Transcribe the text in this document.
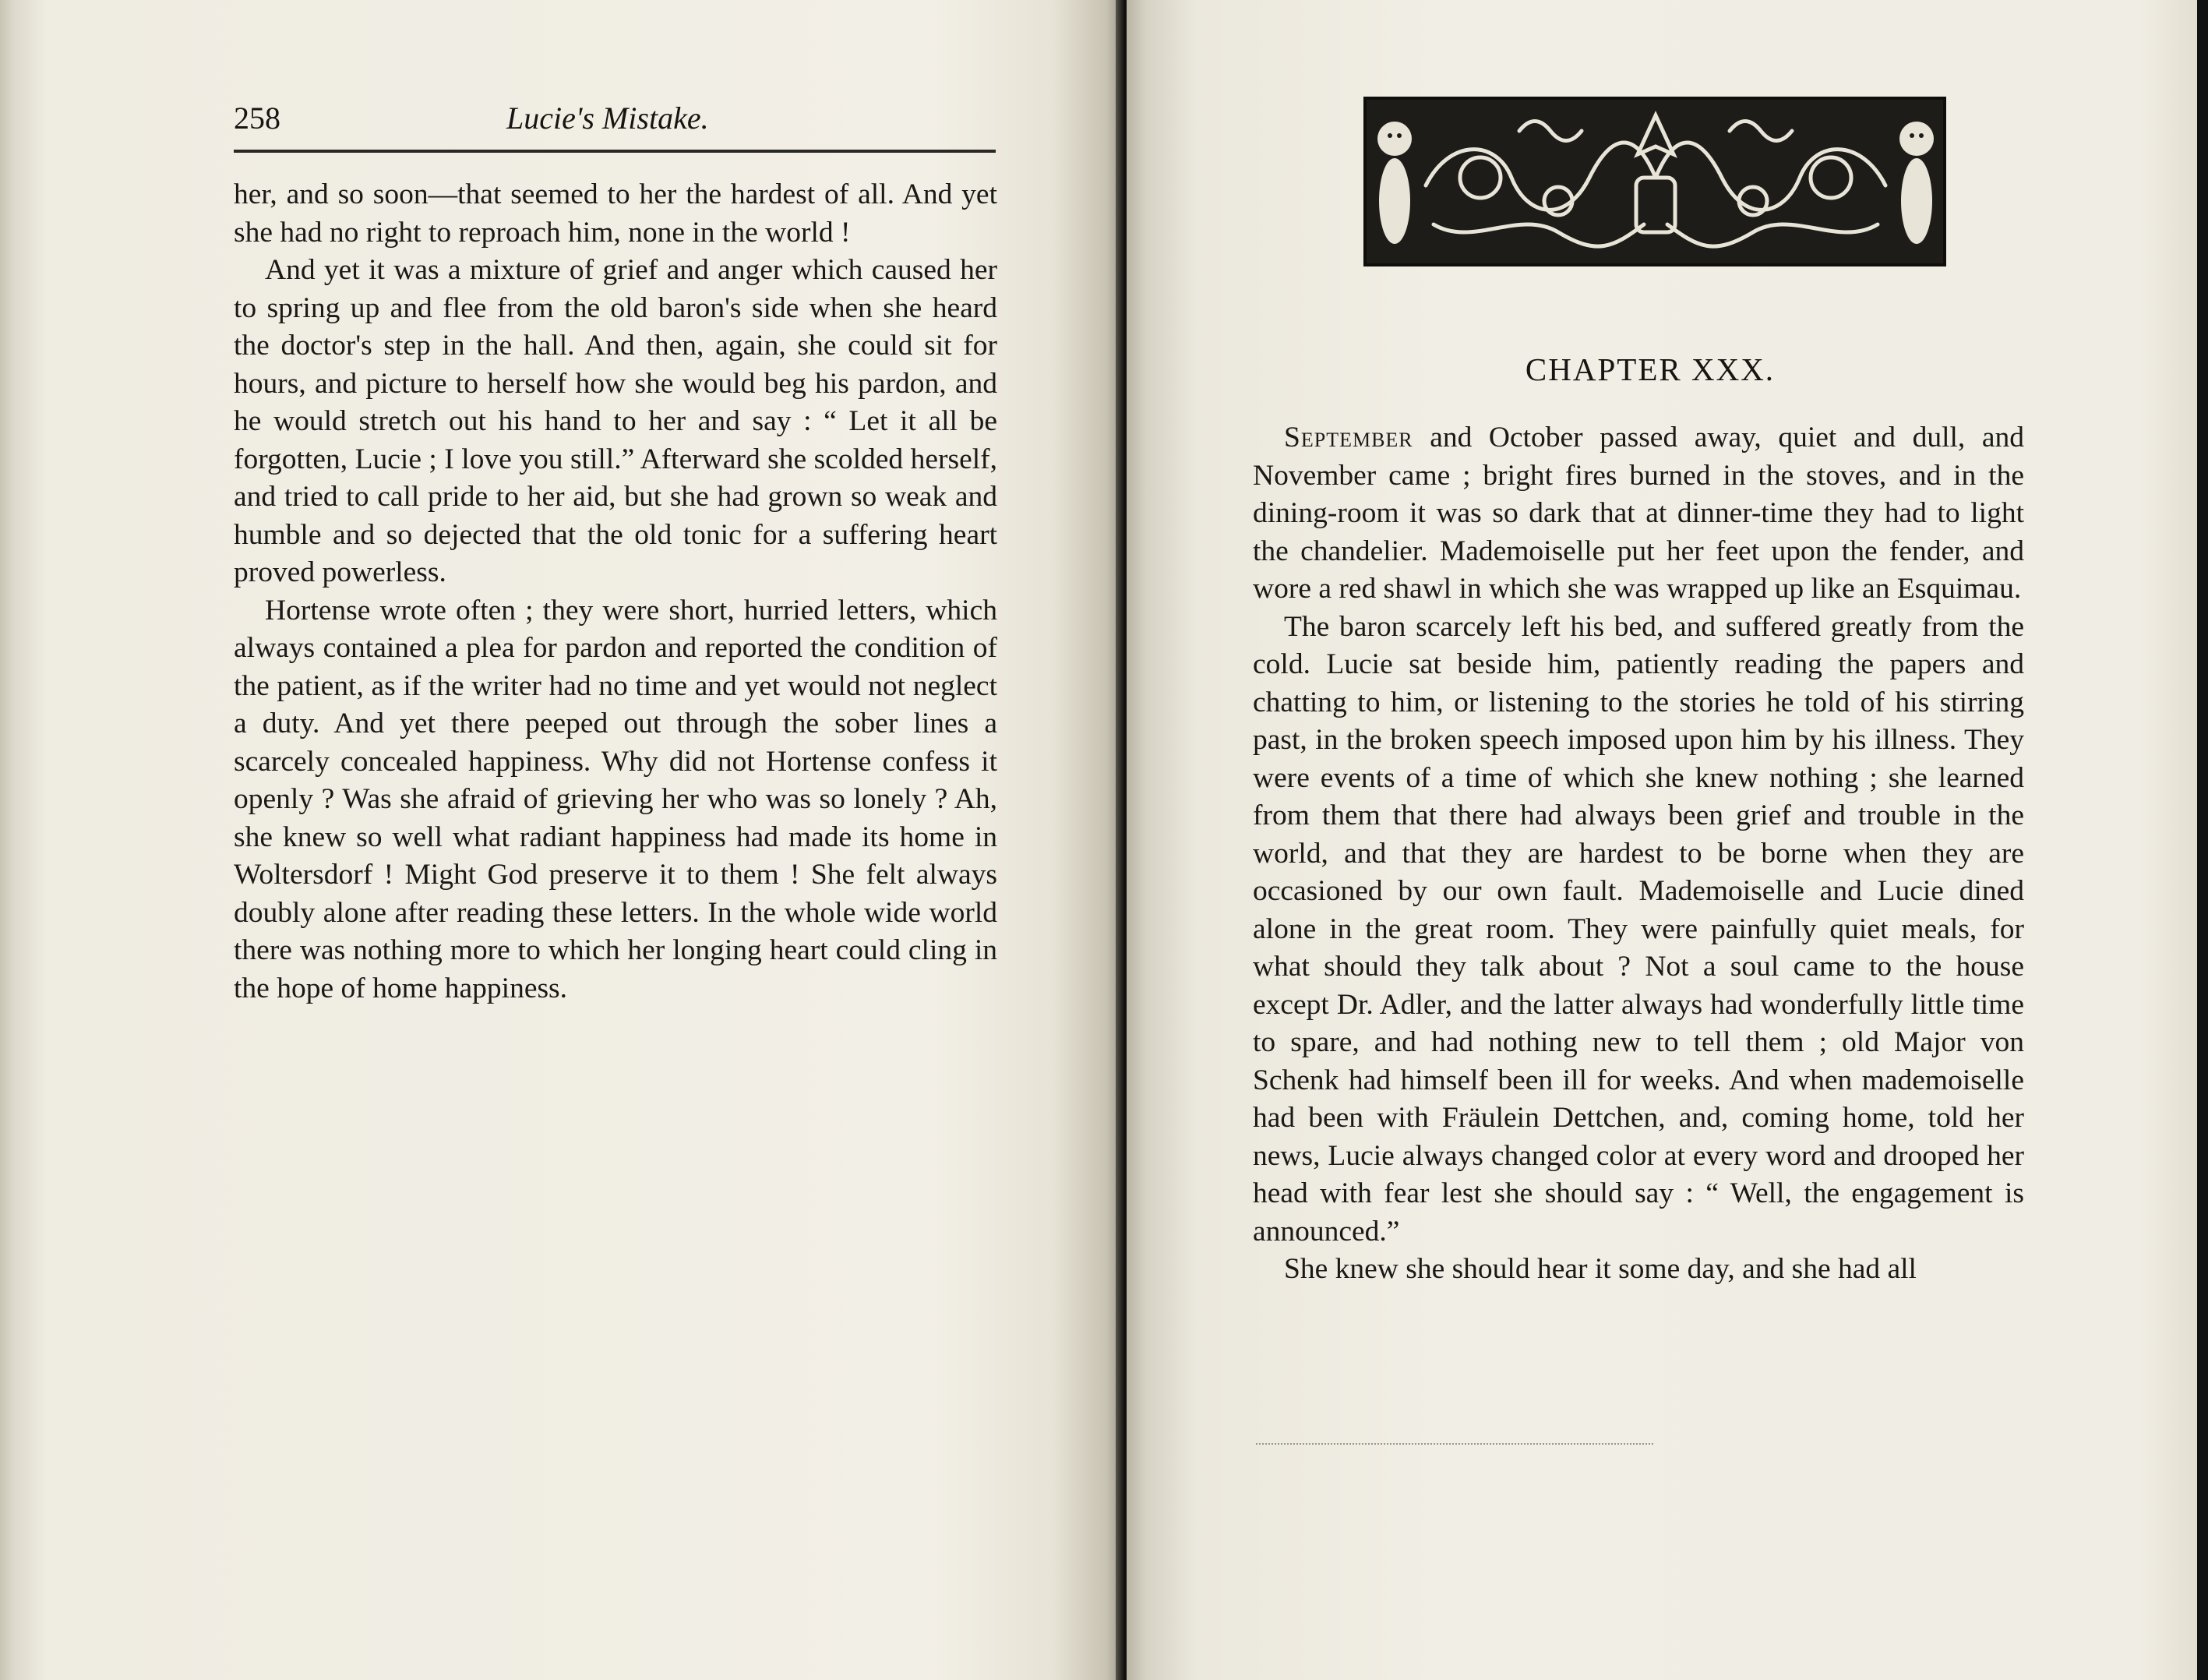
258	Lucie's Mistake.

her, and so soon—that seemed to her the hardest of all. And yet she had no right to reproach him, none in the world !

And yet it was a mixture of grief and anger which caused her to spring up and flee from the old baron's side when she heard the doctor's step in the hall. And then, again, she could sit for hours, and picture to herself how she would beg his pardon, and he would stretch out his hand to her and say : “ Let it all be forgotten, Lucie ; I love you still.” Afterward she scolded herself, and tried to call pride to her aid, but she had grown so weak and humble and so dejected that the old tonic for a suffering heart proved powerless.

Hortense wrote often ; they were short, hurried letters, which always contained a plea for pardon and reported the condition of the patient, as if the writer had no time and yet would not neglect a duty. And yet there peeped out through the sober lines a scarcely concealed happiness. Why did not Hortense confess it openly ? Was she afraid of grieving her who was so lonely ? Ah, she knew so well what radiant happiness had made its home in Woltersdorf ! Might God preserve it to them ! She felt always doubly alone after reading these letters. In the whole wide world there was nothing more to which her longing heart could cling in the hope of home happiness.

CHAPTER XXX.

September and October passed away, quiet and dull, and November came ; bright fires burned in the stoves, and in the dining-room it was so dark that at dinner-time they had to light the chandelier. Mademoiselle put her feet upon the fender, and wore a red shawl in which she was wrapped up like an Esquimau.

The baron scarcely left his bed, and suffered greatly from the cold. Lucie sat beside him, patiently reading the papers and chatting to him, or listening to the stories he told of his stirring past, in the broken speech imposed upon him by his illness. They were events of a time of which she knew nothing ; she learned from them that there had always been grief and trouble in the world, and that they are hardest to be borne when they are occasioned by our own fault. Mademoiselle and Lucie dined alone in the great room. They were painfully quiet meals, for what should they talk about ? Not a soul came to the house except Dr. Adler, and the latter always had wonderfully little time to spare, and had nothing new to tell them ; old Major von Schenk had himself been ill for weeks. And when mademoiselle had been with Fräulein Dettchen, and, coming home, told her news, Lucie always changed color at every word and drooped her head with fear lest she should say : “ Well, the engagement is announced.”

She knew she should hear it some day, and she had all
